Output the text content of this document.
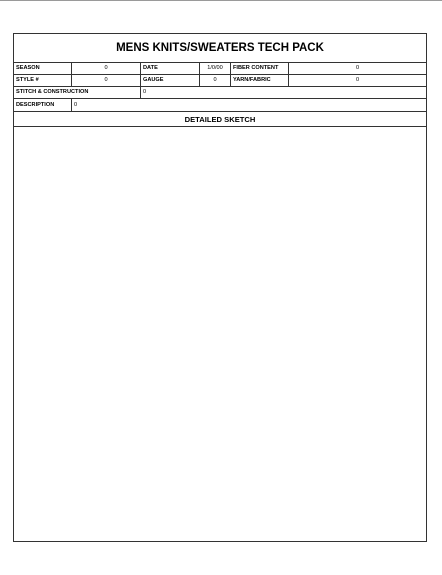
MENS KNITS/SWEATERS TECH PACK
SEASON	0	DATE	1/0/00	FIBER CONTENT	0
STYLE #	0	GAUGE	0	YARN/FABRIC	0
STITCH & CONSTRUCTION	0
DESCRIPTION	0
DETAILED SKETCH
